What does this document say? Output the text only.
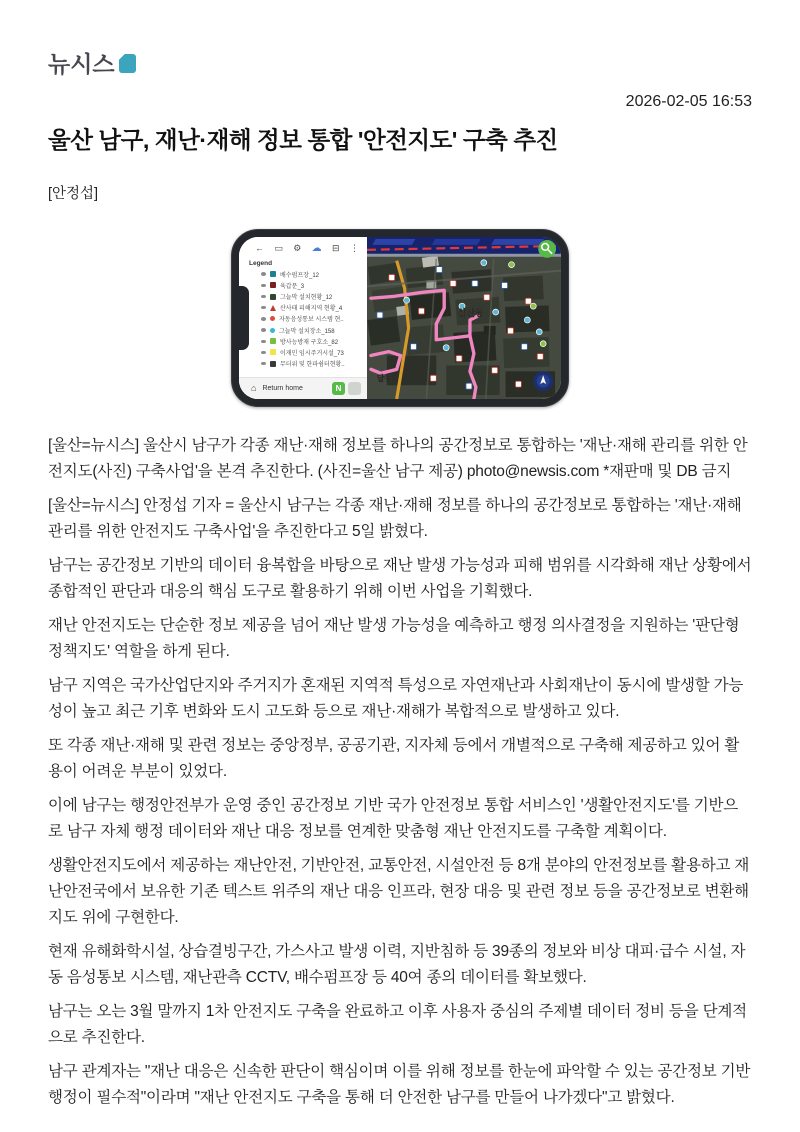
뉴시스
2026-02-05 16:53
울산 남구, 재난·재해 정보 통합 '안전지도' 구축 추진
[안정섭]
← ▭ ⚙ ☁ ⊟ ⋮
Legend
배수펌프장_12
육갑문_3
그늘막 설치현황_12
산사태 피해지역 현황_4
자동음성통보 시스템 현..
그늘막 설치장소_158
방사능방재 구호소_82
이재민 임시주거시설_73
무더위 및 한파쉼터현황..
⌂ Return home	N
삼산동
달동

[울산=뉴시스] 울산시 남구가 각종 재난·재해 정보를 하나의 공간정보로 통합하는 '재난·재해 관리를 위한 안전지도(사진) 구축사업'을 본격 추진한다. (사진=울산 남구 제공) photo@newsis.com *재판매 및 DB 금지

[울산=뉴시스] 안정섭 기자 = 울산시 남구는 각종 재난·재해 정보를 하나의 공간정보로 통합하는 '재난·재해 관리를 위한 안전지도 구축사업'을 추진한다고 5일 밝혔다.

남구는 공간정보 기반의 데이터 융복합을 바탕으로 재난 발생 가능성과 피해 범위를 시각화해 재난 상황에서 종합적인 판단과 대응의 핵심 도구로 활용하기 위해 이번 사업을 기획했다.

재난 안전지도는 단순한 정보 제공을 넘어 재난 발생 가능성을 예측하고 행정 의사결정을 지원하는 '판단형 정책지도' 역할을 하게 된다.

남구 지역은 국가산업단지와 주거지가 혼재된 지역적 특성으로 자연재난과 사회재난이 동시에 발생할 가능성이 높고 최근 기후 변화와 도시 고도화 등으로 재난·재해가 복합적으로 발생하고 있다.

또 각종 재난·재해 및 관련 정보는 중앙정부, 공공기관, 지자체 등에서 개별적으로 구축해 제공하고 있어 활용이 어려운 부분이 있었다.

이에 남구는 행정안전부가 운영 중인 공간정보 기반 국가 안전정보 통합 서비스인 '생활안전지도'를 기반으로 남구 자체 행정 데이터와 재난 대응 정보를 연계한 맞춤형 재난 안전지도를 구축할 계획이다.

생활안전지도에서 제공하는 재난안전, 기반안전, 교통안전, 시설안전 등 8개 분야의 안전정보를 활용하고 재난안전국에서 보유한 기존 텍스트 위주의 재난 대응 인프라, 현장 대응 및 관련 정보 등을 공간정보로 변환해 지도 위에 구현한다.

현재 유해화학시설, 상습결빙구간, 가스사고 발생 이력, 지반침하 등 39종의 정보와 비상 대피·급수 시설, 자동 음성통보 시스템, 재난관측 CCTV, 배수펌프장 등 40여 종의 데이터를 확보했다.

남구는 오는 3월 말까지 1차 안전지도 구축을 완료하고 이후 사용자 중심의 주제별 데이터 정비 등을 단계적으로 추진한다.

남구 관계자는 "재난 대응은 신속한 판단이 핵심이며 이를 위해 정보를 한눈에 파악할 수 있는 공간정보 기반 행정이 필수적"이라며 "재난 안전지도 구축을 통해 더 안전한 남구를 만들어 나가겠다"고 밝혔다.
